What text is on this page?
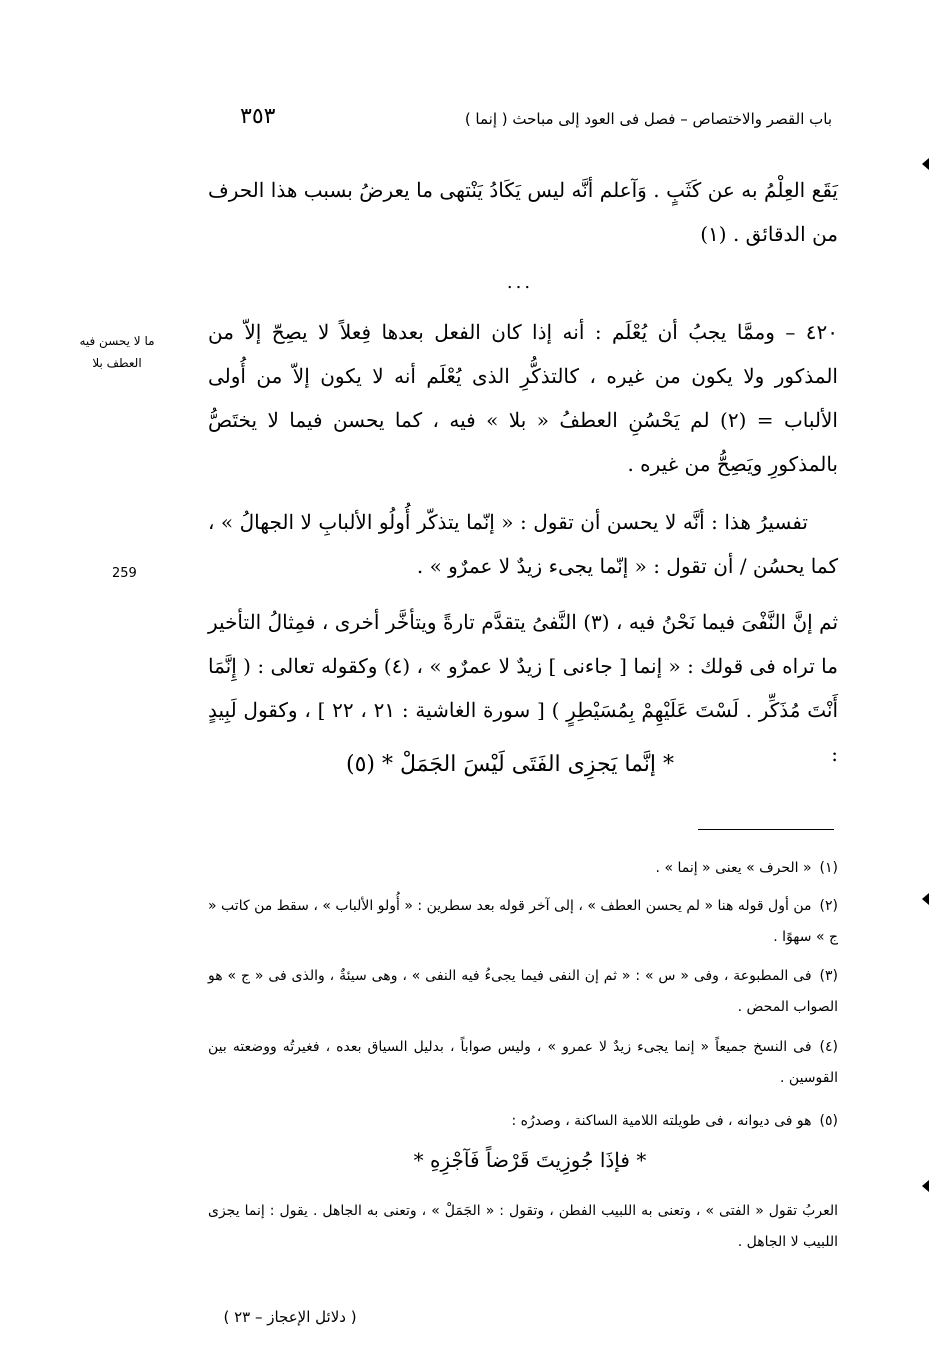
باب القصر والاختصاص – فصل فى العود إلى مباحث ( إنما )
٣٥٣

يَقَع العِلْمُ به عن كَثَبٍ . وَآعلم أنَّه ليس يَكَادُ يَنْتهى ما يعرضُ بسبب هذا الحرف من الدقائق . (١)

...

٤٢٠ – وممَّا يجبُ أن يُعْلَم : أنه إذا كان الفعل بعدها فِعلاً لا يصِحّ إلاّ من المذكور ولا يكون من غيره ، كالتذكُّرِ الذى يُعْلَم أنه لا يكون إلاّ من أُولى الألباب = (٢) لم يَحْسُنِ العطفُ « بلا » فيه ، كما يحسن فيما لا يختَصُّ بالمذكورِ ويَصِحُّ من غيره .

تفسيرُ هذا : أنَّه لا يحسن أن تقول : « إنّما يتذكّر أُولُو الألبابِ لا الجهالُ » ، كما يحسُن / أن تقول : « إنّما يجىء زيدٌ لا عمرٌو » .

ثم إنَّ النَّفْىَ فيما نَحْنُ فيه ، (٣) النَّفىُ يتقدَّم تارةً ويتأخَّر أخرى ، فمِثالُ التأخير ما تراه فى قولك : « إنما [ جاءنى ] زيدٌ لا عمرٌو » ، (٤) وكقوله تعالى : ( إِنَّمَا أَنْتَ مُذَكِّر . لَسْتَ عَلَيْهِمْ بِمُسَيْطِرٍ ) [ سورة الغاشية : ٢١ ، ٢٢ ] ، وكقول لَبِيدٍ :

* إنَّما يَجزِى الفَتَى لَيْسَ الجَمَلْ * (٥)
ما لا يحسن فيه العطف بلا
259
(١)« الحرف » يعنى « إنما » .
(٢)من أول قوله هنا « لم يحسن العطف » ، إلى آخر قوله بعد سطرين : « أُولو الألباب » ، سقط من كاتب « ج » سهوًا .
(٣)فى المطبوعة ، وفى « س » : « ثم إن النفى فيما يجىءُ فيه النفى » ، وهى سيئةٌ ، والذى فى « ج » هو الصواب المحض .
(٤)فى النسخ جميعاً « إنما يجىء زيدٌ لا عمرو » ، وليس صواباً ، بدليل السياق بعده ، فغيرتُه ووضعته بين القوسين .
(٥)هو فى ديوانه ، فى طويلته اللامية الساكنة ، وصدرُه :
* فإذَا جُوزِيتَ قَرْضاً فَآجْزِهِ *
العربُ تقول « الفتى » ، وتعنى به اللبيب الفطن ، وتقول : « الجَمَلْ » ، وتعنى به الجاهل . يقول : إنما يجزى اللبيب لا الجاهل .
( دلائل الإعجاز – ٢٣ )
